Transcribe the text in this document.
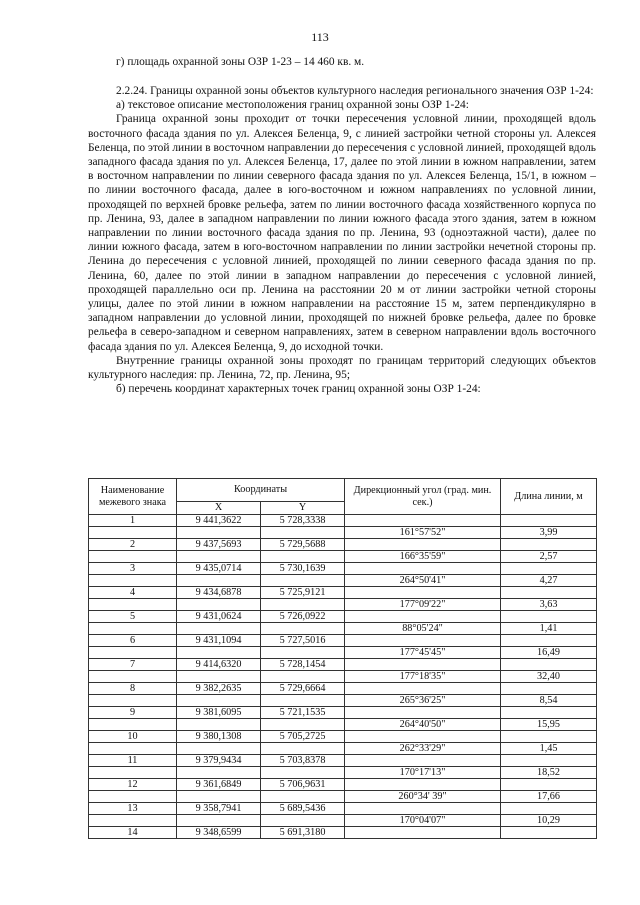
113

г) площадь охранной зоны ОЗР 1-23 – 14 460 кв. м.

2.2.24. Границы охранной зоны объектов культурного наследия регионального значения ОЗР 1-24:

а) текстовое описание местоположения границ охранной зоны ОЗР 1-24:

Граница охранной зоны проходит от точки пересечения условной линии, проходящей вдоль восточного фасада здания по ул. Алексея Беленца, 9, с линией застройки четной стороны ул. Алексея Беленца, по этой линии в восточном направлении до пересечения с условной линией, проходящей вдоль западного фасада здания по ул. Алексея Беленца, 17, далее по этой линии в южном направлении, затем в восточном направлении по линии северного фасада здания по ул. Алексея Беленца, 15/1, в южном – по линии восточного фасада, далее в юго-восточном и южном направлениях по условной линии, проходящей по верхней бровке рельефа, затем по линии восточного фасада хозяйственного корпуса по пр. Ленина, 93, далее в западном направлении по линии южного фасада этого здания, затем в южном направлении по линии восточного фасада здания по пр. Ленина, 93 (одноэтажной части), далее по линии южного фасада, затем в юго-восточном направлении по линии застройки нечетной стороны пр. Ленина до пересечения с условной линией, проходящей по линии северного фасада здания по пр. Ленина, 60, далее по этой линии в западном направлении до пересечения с условной линией, проходящей параллельно оси пр. Ленина на расстоянии 20 м от линии застройки четной стороны улицы, далее по этой линии в южном направлении на расстояние 15 м, затем перпендикулярно в западном направлении до условной линии, проходящей по нижней бровке рельефа, далее по бровке рельефа в северо-западном и северном направлениях, затем в северном направлении вдоль восточного фасада здания по ул. Алексея Беленца, 9, до исходной точки.

Внутренние границы охранной зоны проходят по границам территорий следующих объектов культурного наследия: пр. Ленина, 72, пр. Ленина, 95;

б) перечень координат характерных точек границ охранной зоны ОЗР 1-24:

Наименование межевого знака	Координаты		Дирекционный угол (град. мин. сек.)	Длина линии, м
	X	Y		
1	9 441,3622	5 728,3338		
			161°57'52"	3,99
2	9 437,5693	5 729,5688		
			166°35'59"	2,57
3	9 435,0714	5 730,1639		
			264°50'41"	4,27
4	9 434,6878	5 725,9121		
			177°09'22"	3,63
5	9 431,0624	5 726,0922		
			88°05'24"	1,41
6	9 431,1094	5 727,5016		
			177°45'45"	16,49
7	9 414,6320	5 728,1454		
			177°18'35"	32,40
8	9 382,2635	5 729,6664		
			265°36'25"	8,54
9	9 381,6095	5 721,1535		
			264°40'50"	15,95
10	9 380,1308	5 705,2725		
			262°33'29"	1,45
11	9 379,9434	5 703,8378		
			170°17'13"	18,52
12	9 361,6849	5 706,9631		
			260°34' 39"	17,66
13	9 358,7941	5 689,5436		
			170°04'07"	10,29
14	9 348,6599	5 691,3180		
